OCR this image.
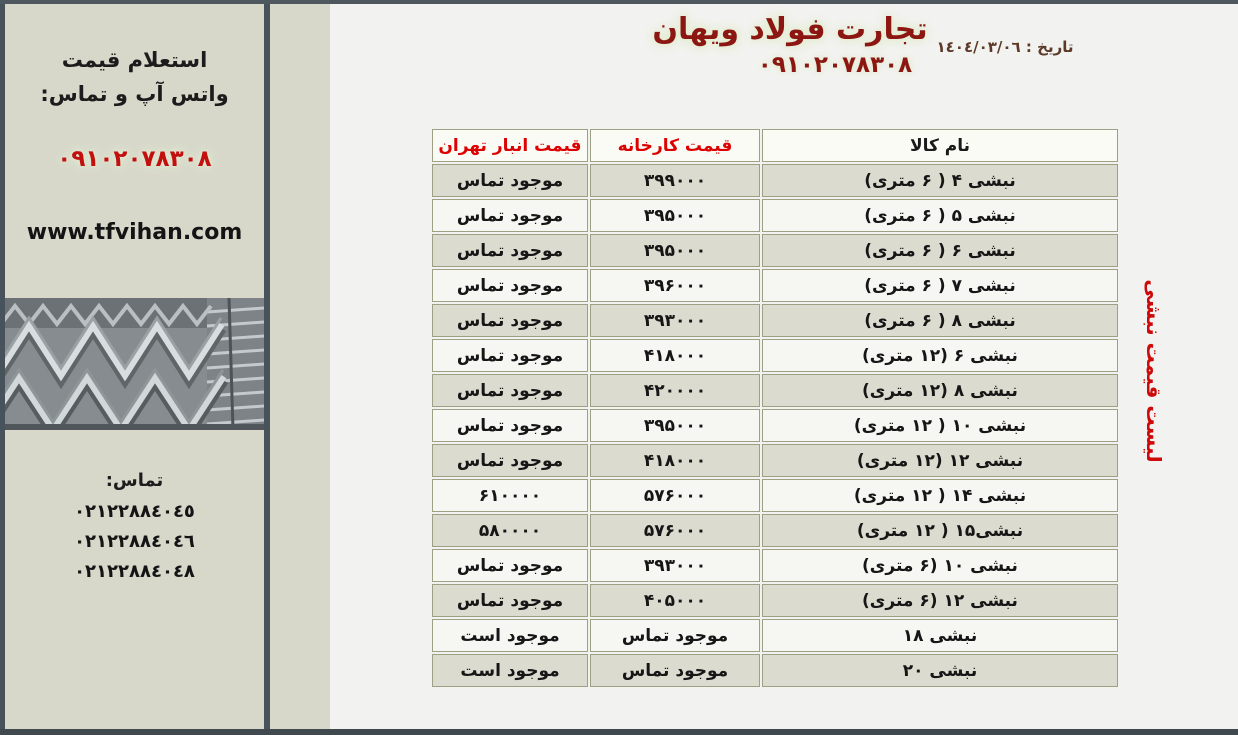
استعلام قیمت
واتس آپ و تماس:
٠٩١٠٢٠٧٨٣٠٨
www.tfvihan.com
تماس:
٠٢١٢٢٨٨٤٠٤٥
٠٢١٢٢٨٨٤٠٤٦
٠٢١٢٢٨٨٤٠٤٨
تجارت فولاد ویهان
٠٩١٠٢٠٧٨٣٠٨
تاریخ : ١٤٠٤/٠٣/٠٦
لیست قیمت نبشی
نام کالا	قیمت کارخانه	قیمت انبار تهران
نبشی ۴ ( ۶ متری)	۳۹۹۰۰۰	موجود تماس
نبشی ۵ ( ۶ متری)	۳۹۵۰۰۰	موجود تماس
نبشی ۶ ( ۶ متری)	۳۹۵۰۰۰	موجود تماس
نبشی ۷ ( ۶ متری)	۳۹۶۰۰۰	موجود تماس
نبشی ۸ ( ۶ متری)	۳۹۳۰۰۰	موجود تماس
نبشی ۶ (۱۲ متری)	۴۱۸۰۰۰	موجود تماس
نبشی ۸ (۱۲ متری)	۴۲۰۰۰۰	موجود تماس
نبشی ۱۰ ( ۱۲ متری)	۳۹۵۰۰۰	موجود تماس
نبشی ۱۲ (۱۲ متری)	۴۱۸۰۰۰	موجود تماس
نبشی ۱۴ ( ۱۲ متری)	۵۷۶۰۰۰	۶۱۰۰۰۰
نبشی۱۵ ( ۱۲ متری)	۵۷۶۰۰۰	۵۸۰۰۰۰
نبشی ۱۰ (۶ متری)	۳۹۳۰۰۰	موجود تماس
نبشی ۱۲ (۶ متری)	۴۰۵۰۰۰	موجود تماس
نبشی ۱۸	موجود تماس	موجود است
نبشی ۲۰	موجود تماس	موجود است
